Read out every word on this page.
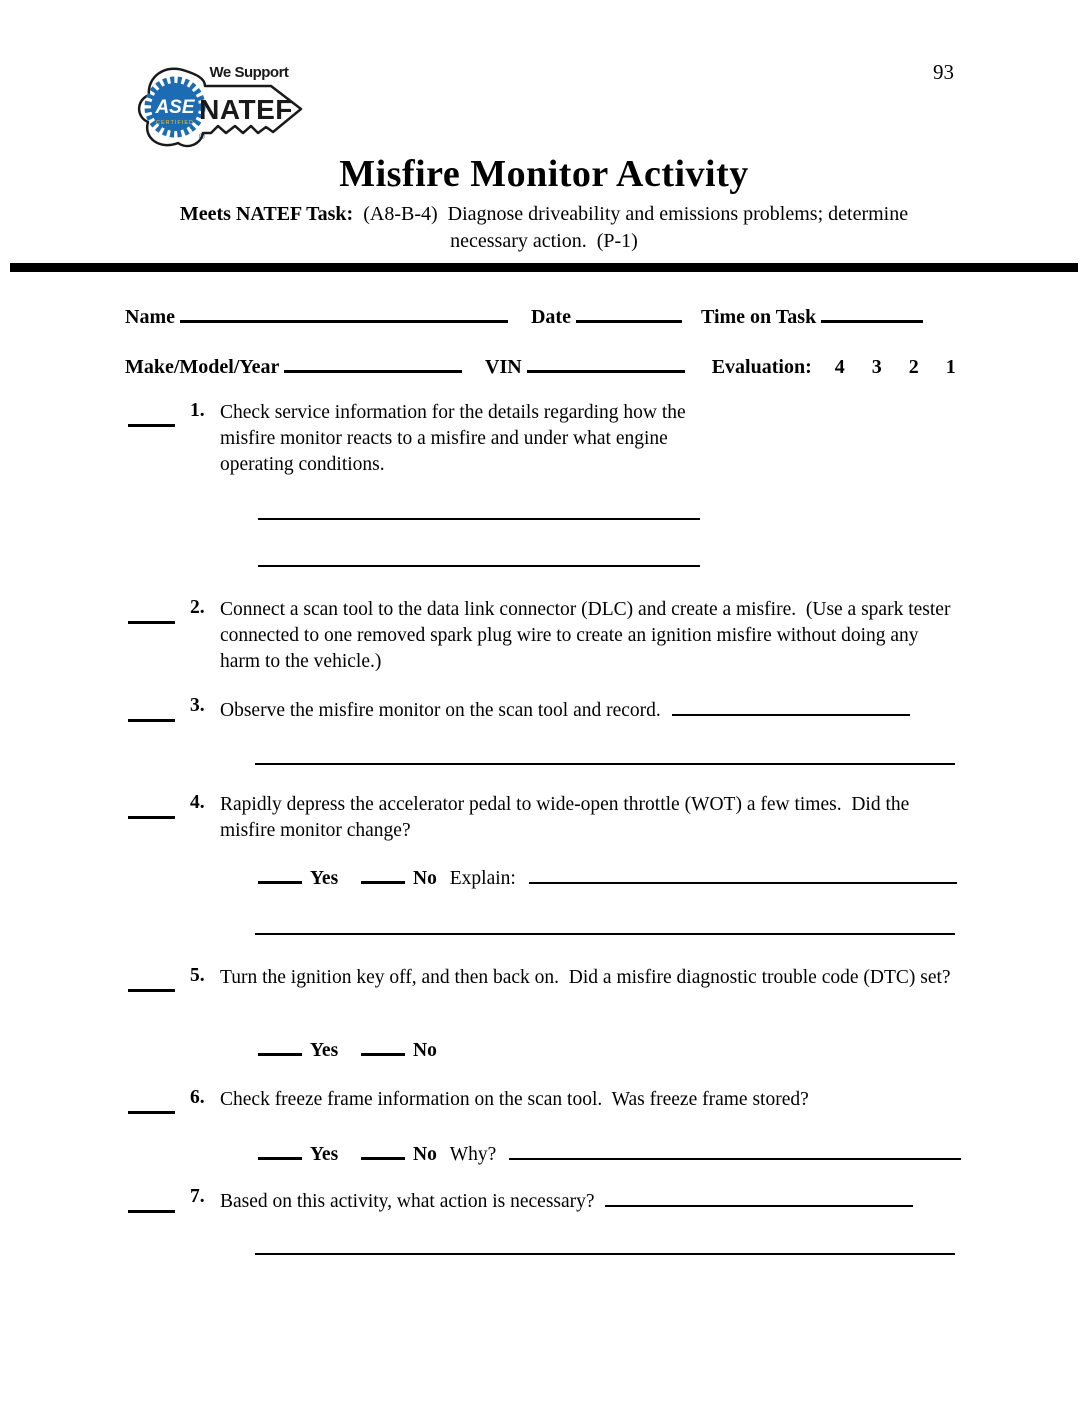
ASE
CERTIFIED
®
We Support
NATEF
93
Misfire Monitor Activity
Meets NATEF Task:  (A8-B-4)  Diagnose driveability and emissions problems; determine
necessary action.  (P-1)
Name	Date	Time on Task
Make/Model/Year	VIN	Evaluation: 4 3 2 1
1. Check service information for the details regarding how the misfire monitor reacts to a misfire and under what engine operating conditions.
2. Connect a scan tool to the data link connector (DLC) and create a misfire.  (Use a spark tester connected to one removed spark plug wire to create an ignition misfire without doing any harm to the vehicle.)
3. Observe the misfire monitor on the scan tool and record.
4. Rapidly depress the accelerator pedal to wide-open throttle (WOT) a few times.  Did the misfire monitor change?
Yes	No Explain:
5. Turn the ignition key off, and then back on.  Did a misfire diagnostic trouble code (DTC) set?
Yes	No
6. Check freeze frame information on the scan tool.  Was freeze frame stored?
Yes	No Why?
7. Based on this activity, what action is necessary?
